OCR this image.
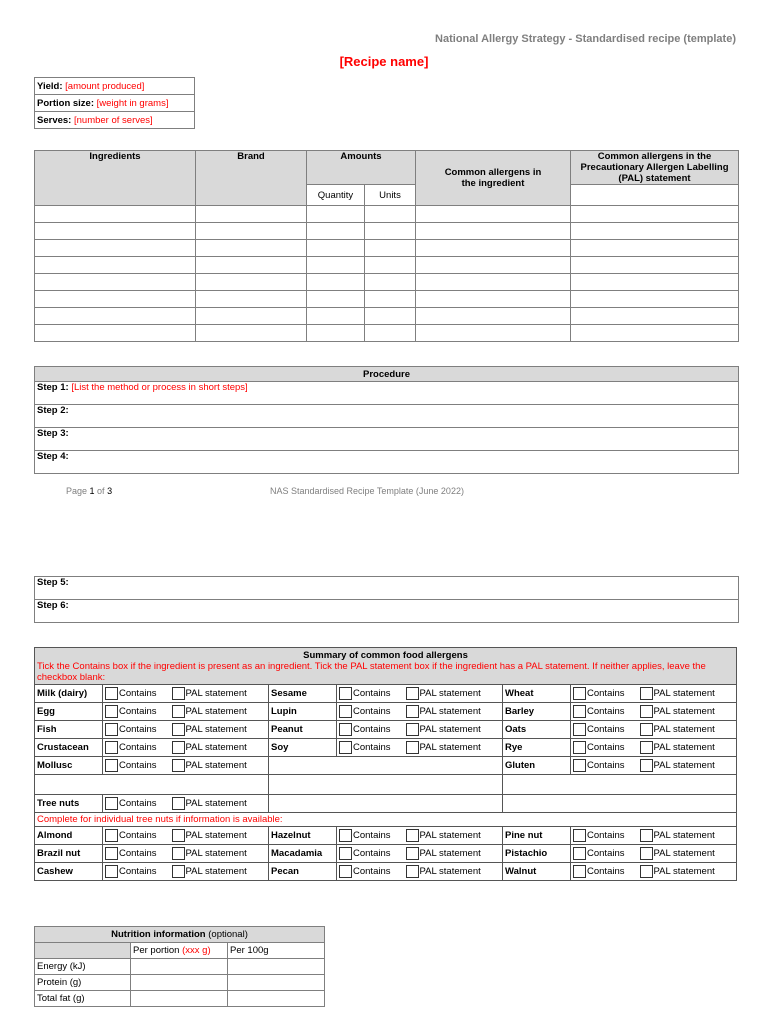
National Allergy Strategy - Standardised recipe (template)
[Recipe name]
Yield: [amount produced]
Portion size: [weight in grams]
Serves: [number of serves]
Ingredients	Brand	Amounts		Common allergens in the ingredient	Common allergens in the Precautionary Allergen Labelling (PAL) statement
		Quantity	Units		

Procedure
Step 1: [List the method or process in short steps]
Step 2:
Step 3:
Step 4:
Page 1 of 3	NAS Standardised Recipe Template (June 2022)
Step 5:
Step 6:
Summary of common food allergens
Tick the Contains box if the ingredient is present as an ingredient. Tick the PAL statement box if the ingredient has a PAL statement. If neither applies, leave the checkbox blank:					

Milk (dairy)	Contains PAL statement	Sesame	Contains PAL statement	Wheat	Contains PAL statement
Egg	Contains PAL statement	Lupin	Contains PAL statement	Barley	Contains PAL statement
Fish	Contains PAL statement	Peanut	Contains PAL statement	Oats	Contains PAL statement
Crustacean	Contains PAL statement	Soy	Contains PAL statement	Rye	Contains PAL statement
Mollusc	Contains PAL statement			Gluten	Contains PAL statement

Tree nuts	Contains PAL statement				
Complete for individual tree nuts if information is available:					
Almond	Contains PAL statement	Hazelnut	Contains PAL statement	Pine nut	Contains PAL statement
Brazil nut	Contains PAL statement	Macadamia	Contains PAL statement	Pistachio	Contains PAL statement
Cashew	Contains PAL statement	Pecan	Contains PAL statement	Walnut	Contains PAL statement
Nutrition information (optional)		
	Per portion (xxx g)	Per 100g
Energy (kJ)		
Protein (g)		
Total fat (g)		
